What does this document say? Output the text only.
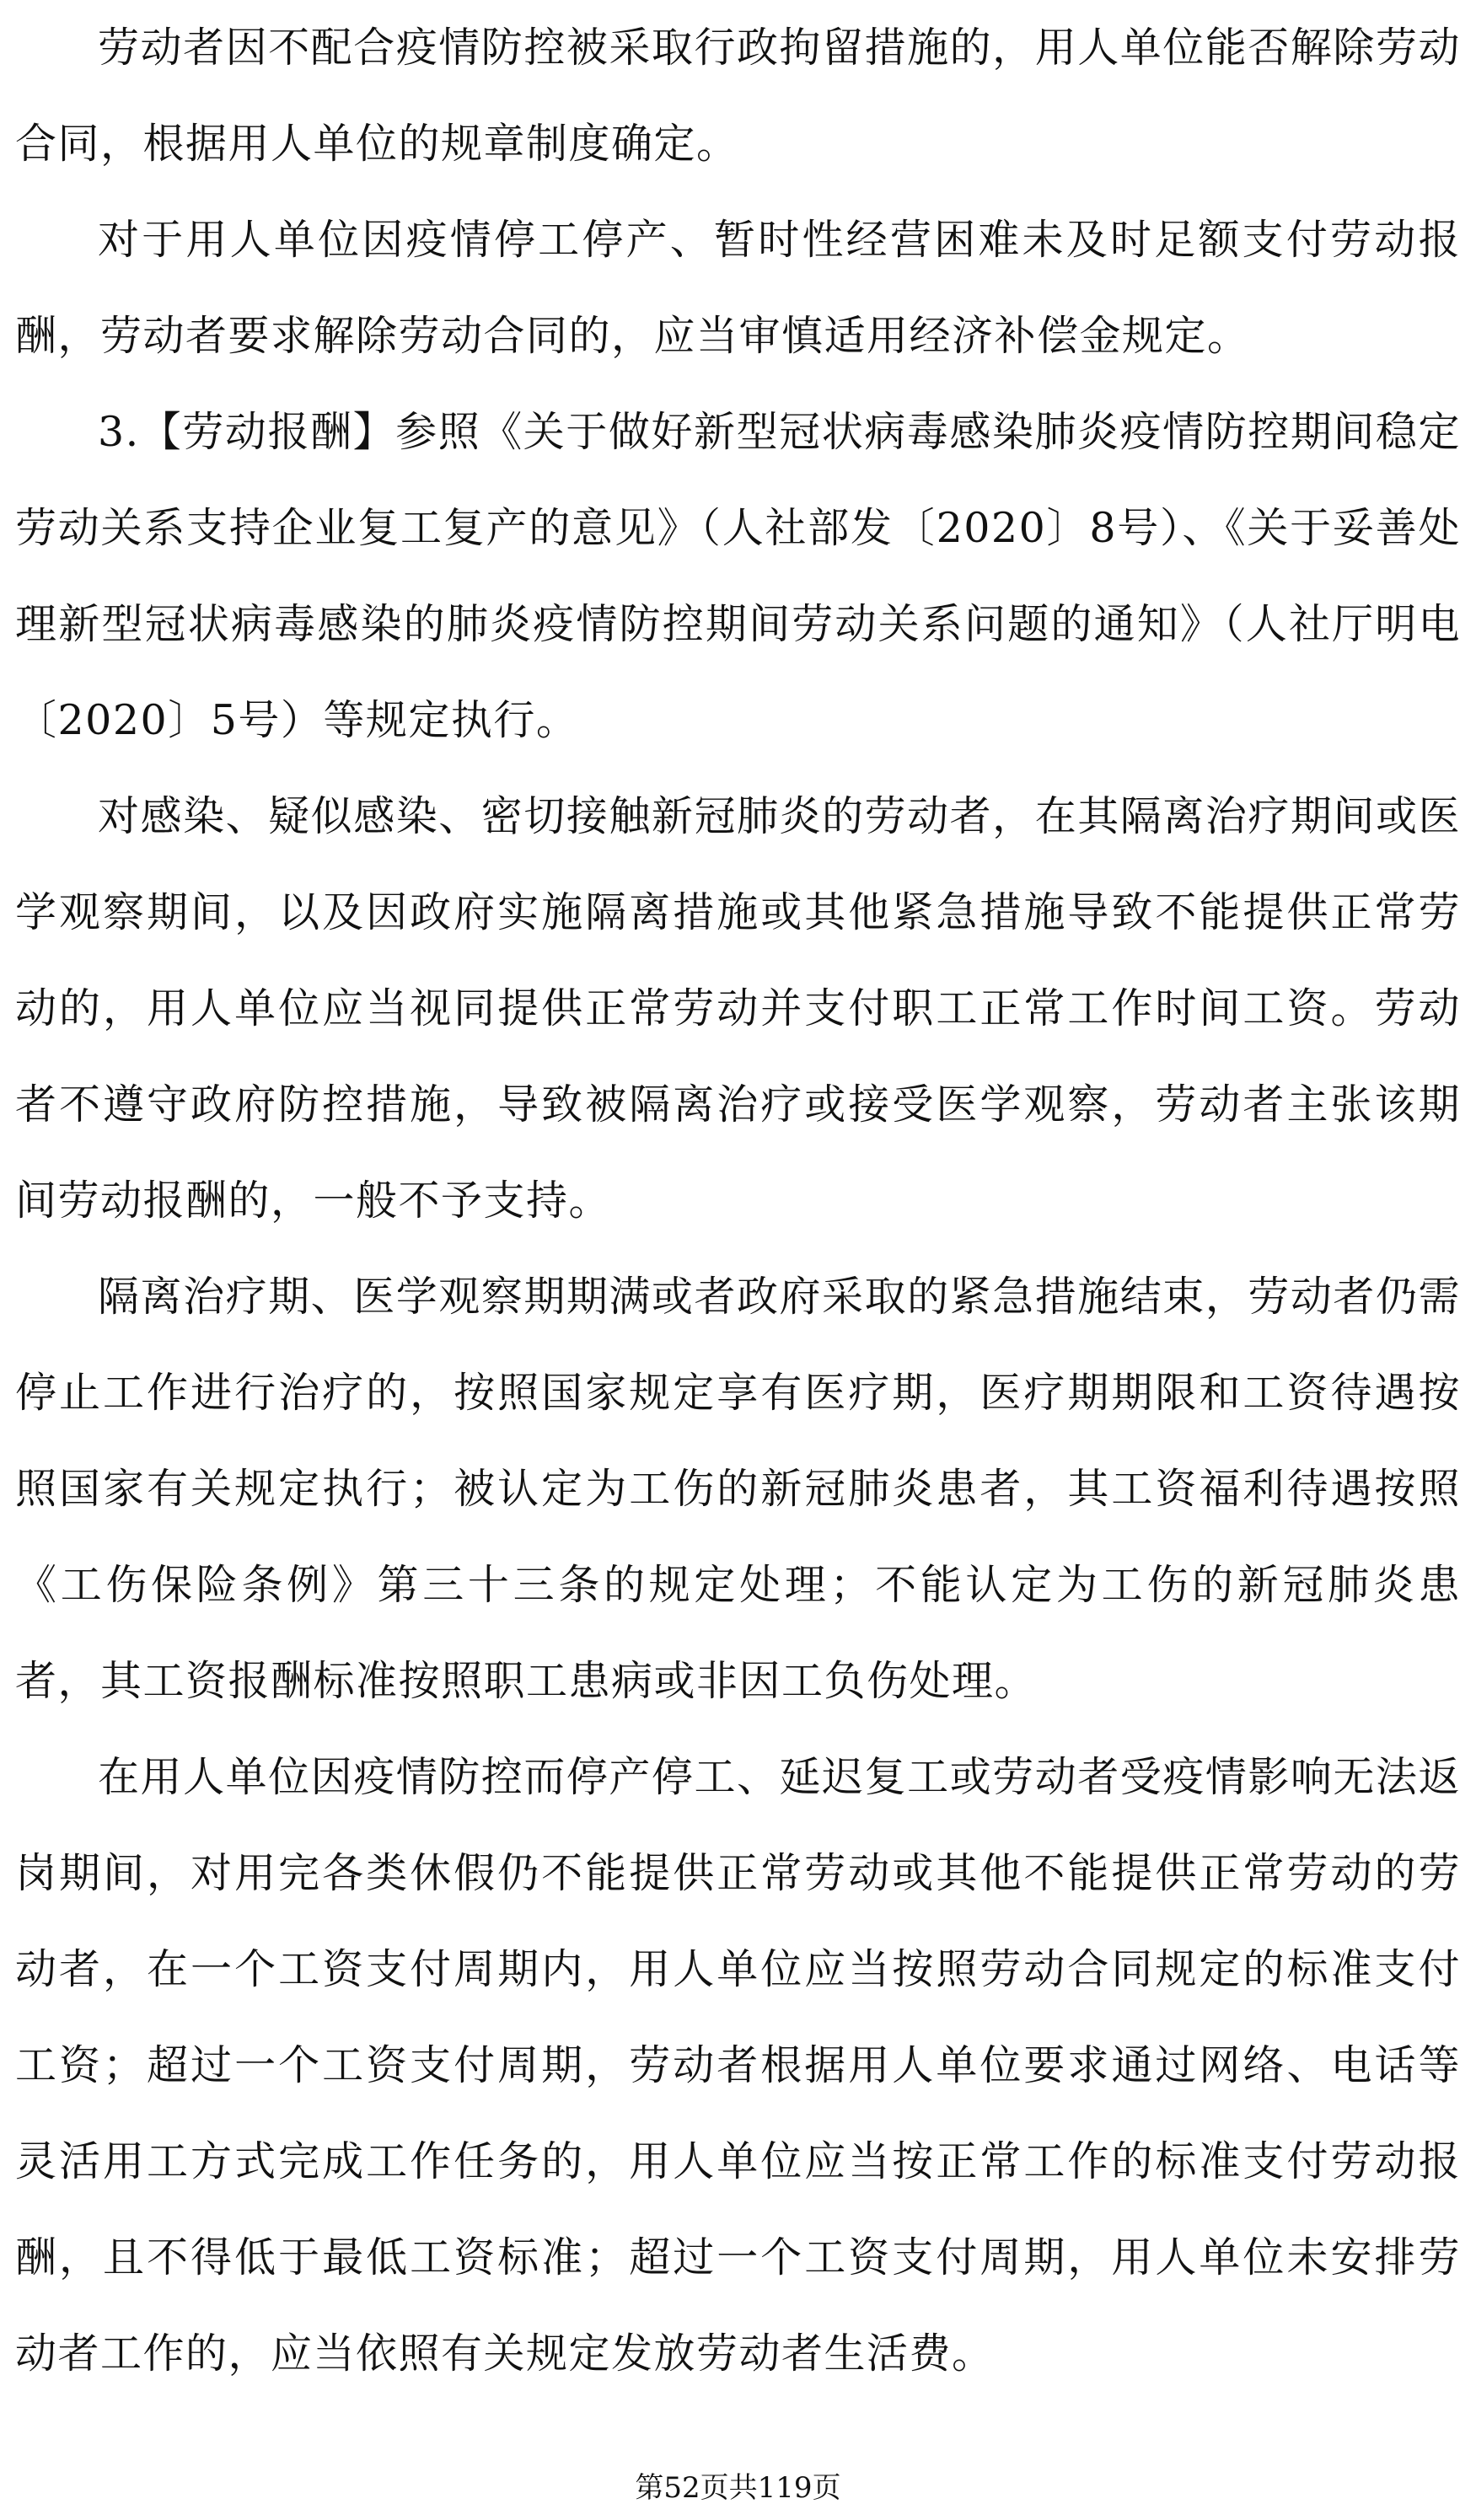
劳动者因不配合疫情防控被采取行政拘留措施的，用人单位能否解除劳动合同，根据用人单位的规章制度确定。

对于用人单位因疫情停工停产、暂时性经营困难未及时足额支付劳动报酬，劳动者要求解除劳动合同的，应当审慎适用经济补偿金规定。

3.【劳动报酬】参照《关于做好新型冠状病毒感染肺炎疫情防控期间稳定劳动关系支持企业复工复产的意见》（人社部发〔2020〕8号）、《关于妥善处理新型冠状病毒感染的肺炎疫情防控期间劳动关系问题的通知》（人社厅明电〔2020〕5号）等规定执行。

对感染、疑似感染、密切接触新冠肺炎的劳动者，在其隔离治疗期间或医学观察期间，以及因政府实施隔离措施或其他紧急措施导致不能提供正常劳动的，用人单位应当视同提供正常劳动并支付职工正常工作时间工资。劳动者不遵守政府防控措施，导致被隔离治疗或接受医学观察，劳动者主张该期间劳动报酬的，一般不予支持。

隔离治疗期、医学观察期期满或者政府采取的紧急措施结束，劳动者仍需停止工作进行治疗的，按照国家规定享有医疗期，医疗期期限和工资待遇按照国家有关规定执行；被认定为工伤的新冠肺炎患者，其工资福利待遇按照《工伤保险条例》第三十三条的规定处理；不能认定为工伤的新冠肺炎患者，其工资报酬标准按照职工患病或非因工负伤处理。

在用人单位因疫情防控而停产停工、延迟复工或劳动者受疫情影响无法返岗期间，对用完各类休假仍不能提供正常劳动或其他不能提供正常劳动的劳动者，在一个工资支付周期内，用人单位应当按照劳动合同规定的标准支付工资；超过一个工资支付周期，劳动者根据用人单位要求通过网络、电话等灵活用工方式完成工作任务的，用人单位应当按正常工作的标准支付劳动报酬，且不得低于最低工资标准；超过一个工资支付周期，用人单位未安排劳动者工作的，应当依照有关规定发放劳动者生活费。

第52页共119页
